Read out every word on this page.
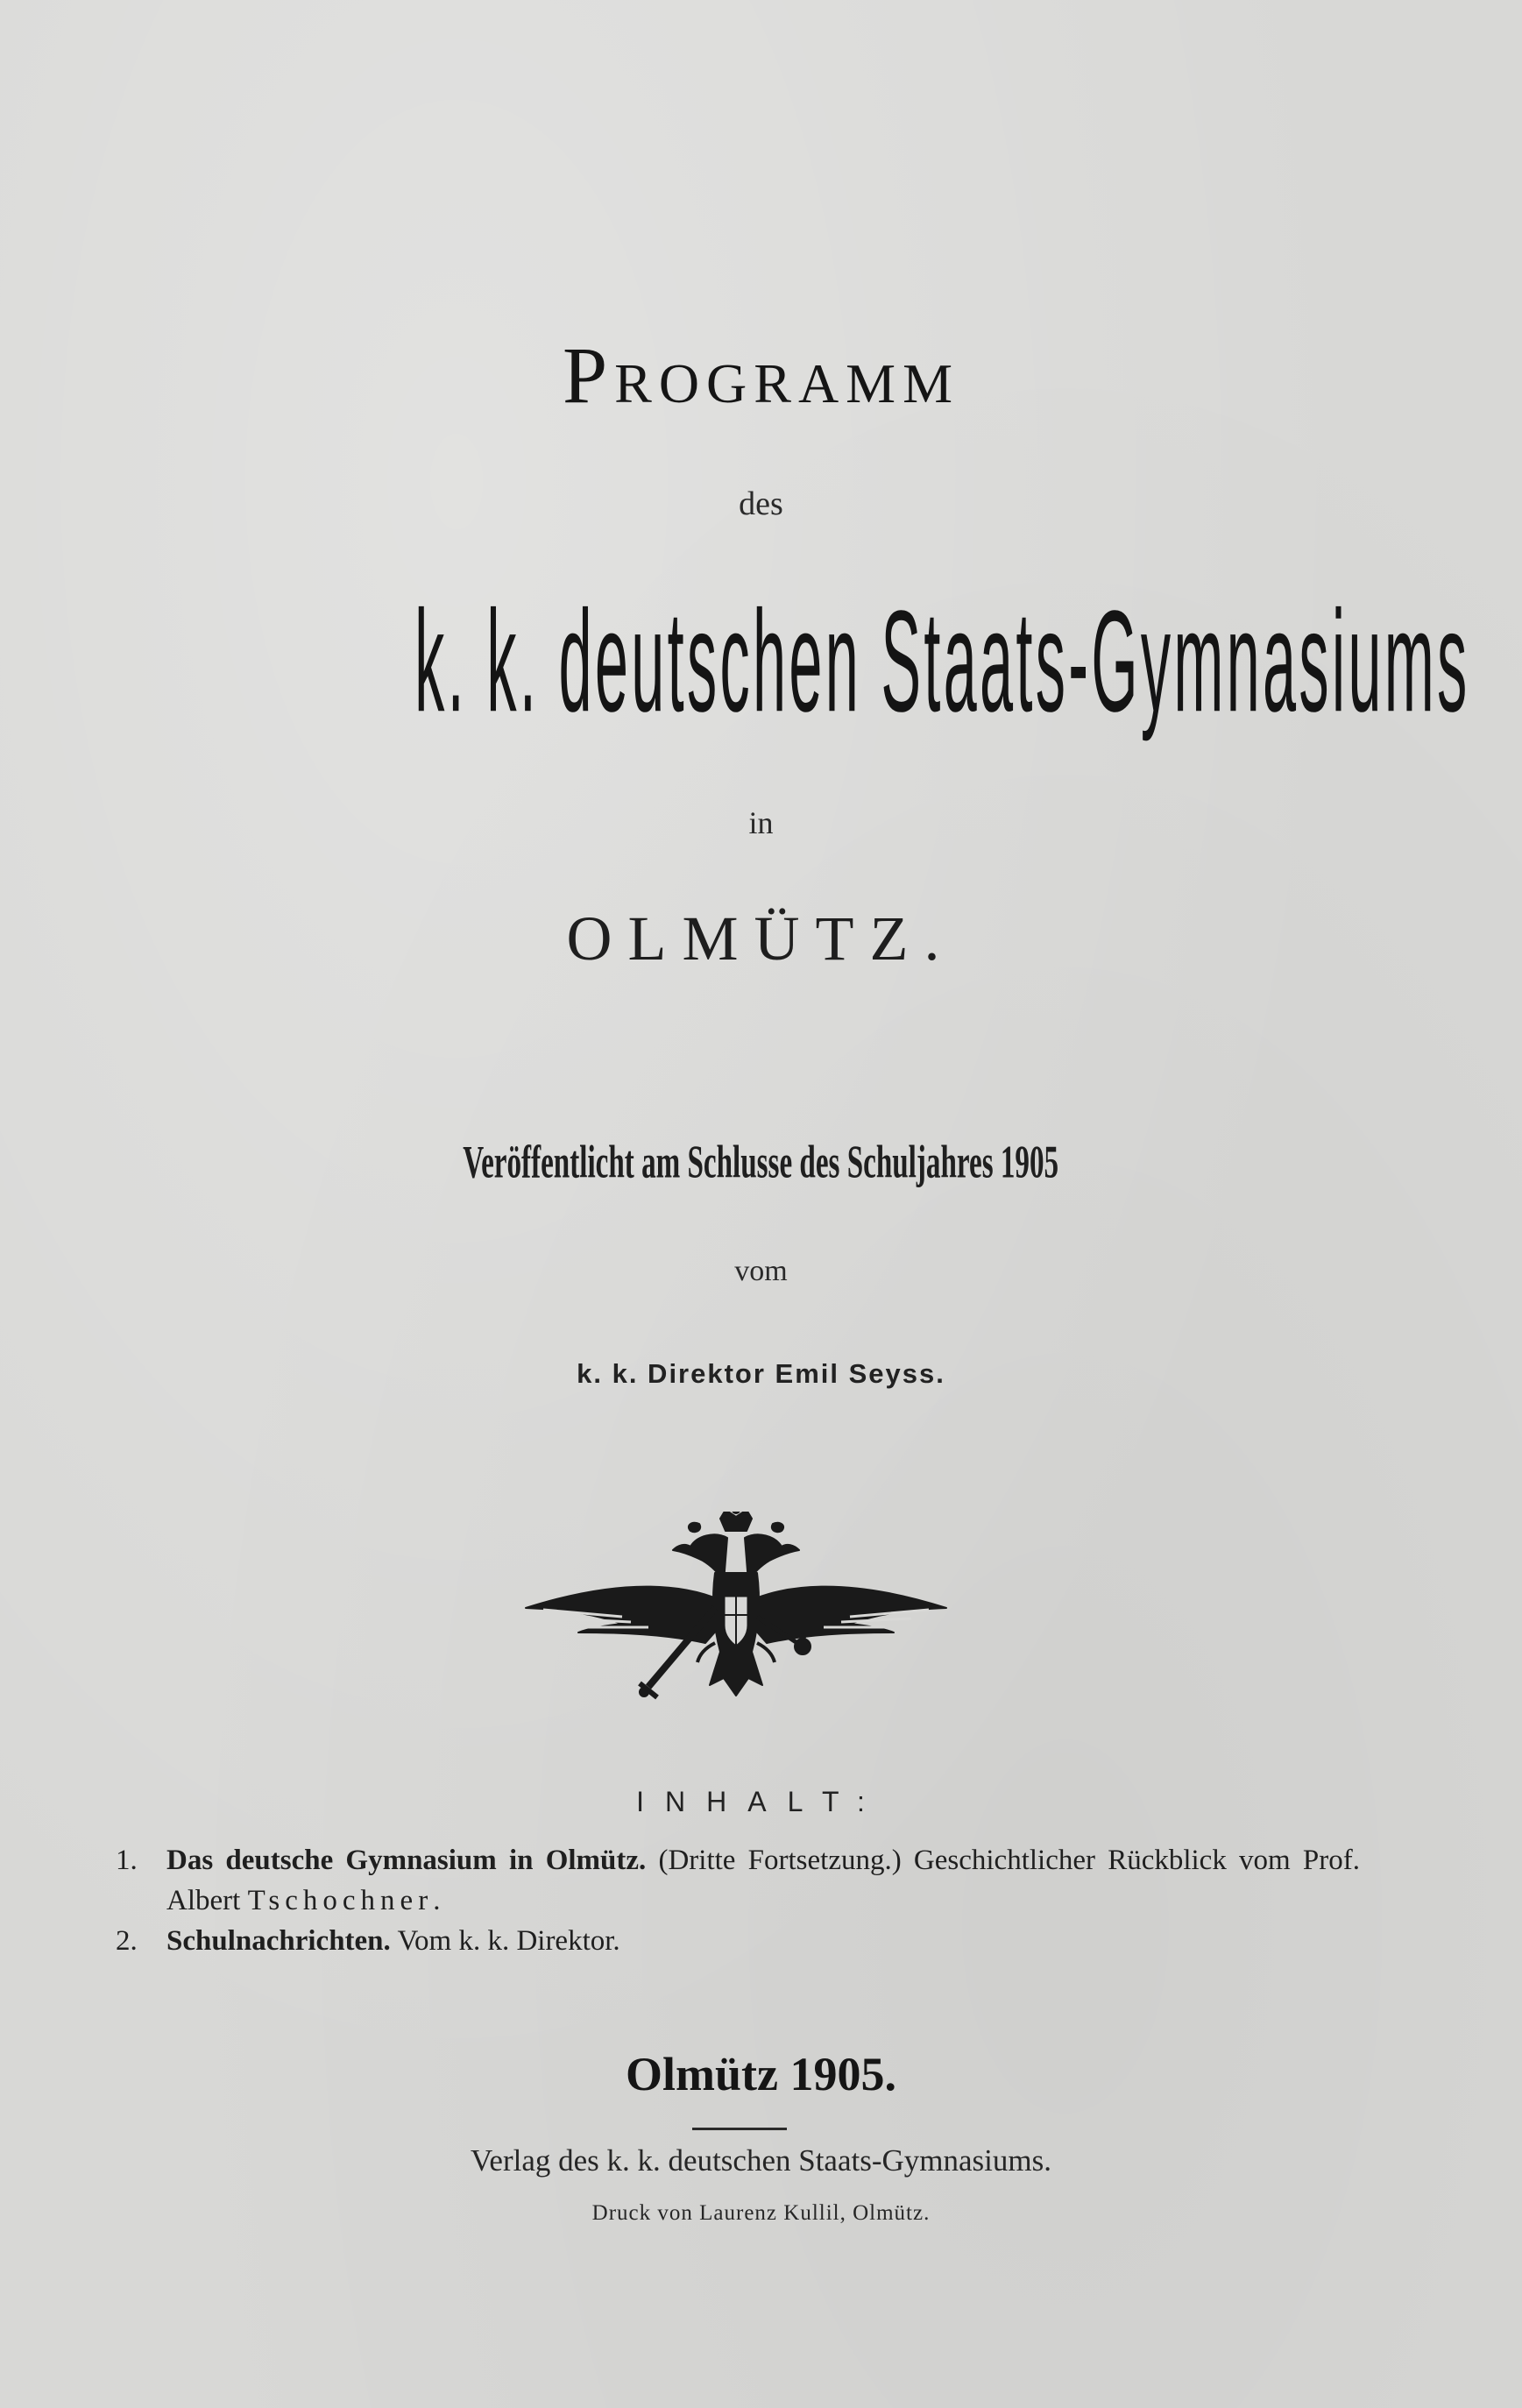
Programm
des
k. k. deutschen Staats-Gymnasiums
in
OLMÜTZ.
Veröffentlicht am Schlusse des Schuljahres 1905
vom
k. k. Direktor Emil Seyss.
INHALT:
1. Das deutsche Gymnasium in Olmütz. (Dritte Fortsetzung.) Geschichtlicher Rückblick vom Prof. Albert Tschochner.
2. Schulnachrichten. Vom k. k. Direktor.
Olmütz 1905.
Verlag des k. k. deutschen Staats-Gymnasiums.
Druck von Laurenz Kullil, Olmütz.
